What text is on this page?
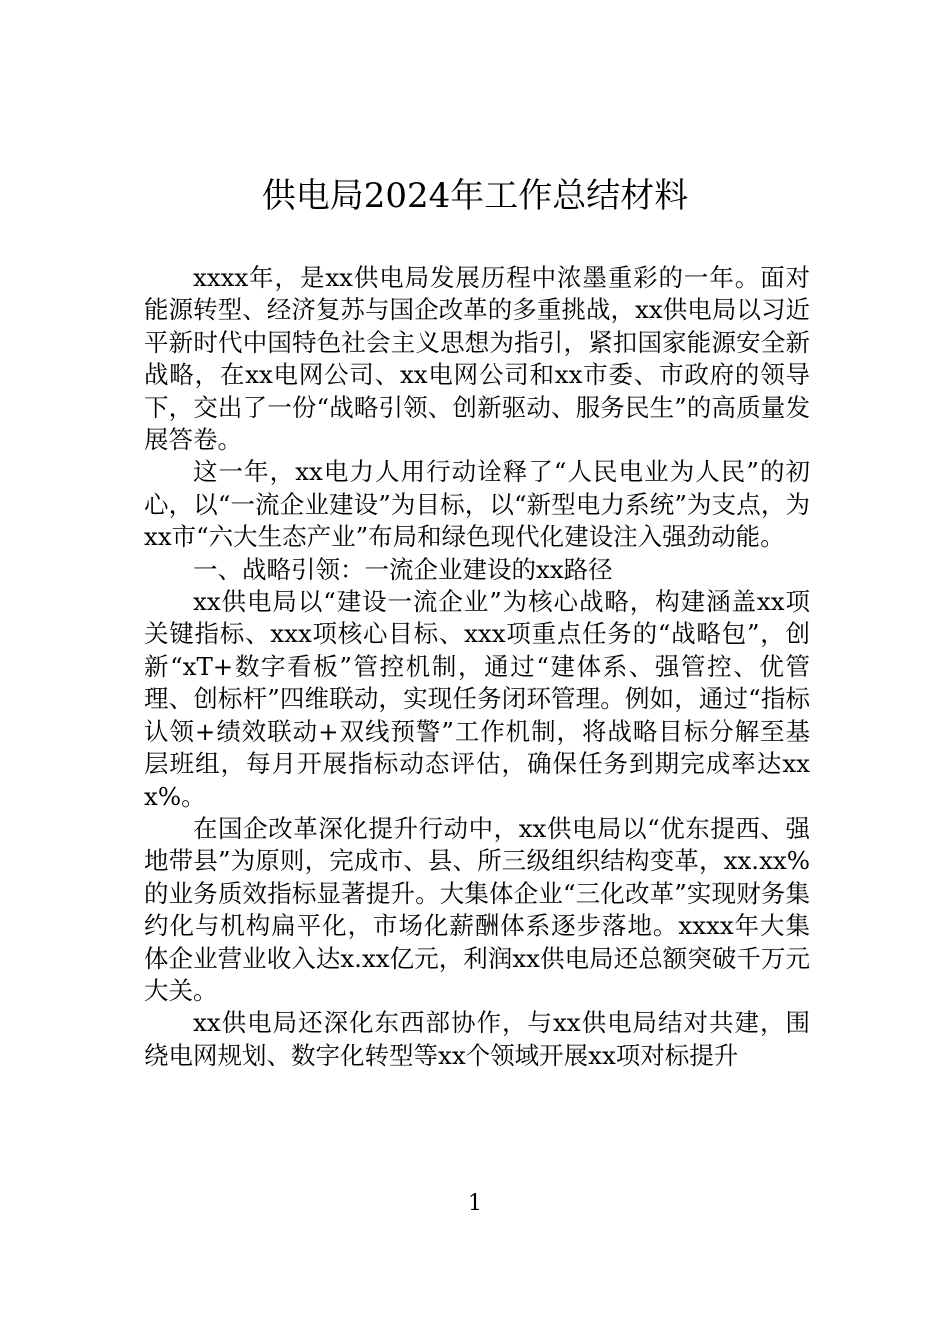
供电局2024年工作总结材料

xxxx年，是xx供电局发展历程中浓墨重彩的一年。面对能源转型、经济复苏与国企改革的多重挑战，xx供电局以习近平新时代中国特色社会主义思想为指引，紧扣国家能源安全新战略，在xx电网公司、xx电网公司和xx市委、市政府的领导下，交出了一份“战略引领、创新驱动、服务民生”的高质量发展答卷。

这一年，xx电力人用行动诠释了“人民电业为人民”的初心，以“一流企业建设”为目标，以“新型电力系统”为支点，为xx市“六大生态产业”布局和绿色现代化建设注入强劲动能。

一、战略引领：一流企业建设的xx路径

xx供电局以“建设一流企业”为核心战略，构建涵盖xx项关键指标、xxx项核心目标、xxx项重点任务的“战略包”，创新“xT+数字看板”管控机制，通过“建体系、强管控、优管理、创标杆”四维联动，实现任务闭环管理。例如，通过“指标认领+绩效联动+双线预警”工作机制，将战略目标分解至基层班组，每月开展指标动态评估，确保任务到期完成率达xxx%。

在国企改革深化提升行动中，xx供电局以“优东提西、强地带县”为原则，完成市、县、所三级组织结构变革，xx.xx%的业务质效指标显著提升。大集体企业“三化改革”实现财务集约化与机构扁平化，市场化薪酬体系逐步落地。xxxx年大集体企业营业收入达x.xx亿元，利润xx供电局还总额突破千万元大关。

xx供电局还深化东西部协作，与xx供电局结对共建，围绕电网规划、数字化转型等xx个领域开展xx项对标提升

1
